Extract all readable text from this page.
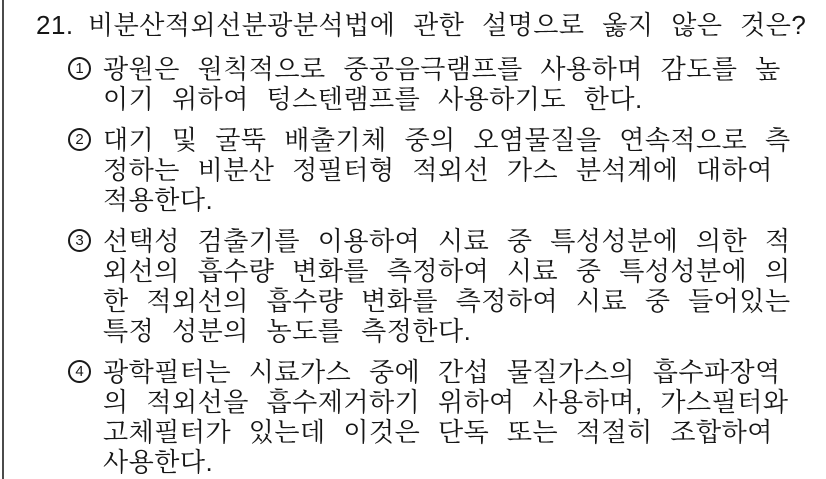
21. 비분산적외선분광분석법에 관한 설명으로 옳지 않은 것은?
1 광원은 원칙적으로 중공음극램프를 사용하며 감도를 높
이기 위하여 텅스텐램프를 사용하기도 한다.
2 대기 및 굴뚝 배출기체 중의 오염물질을 연속적으로 측
정하는 비분산 정필터형 적외선 가스 분석계에 대하여
적용한다.
3 선택성 검출기를 이용하여 시료 중 특성성분에 의한 적
외선의 흡수량 변화를 측정하여 시료 중 특성성분에 의
한 적외선의 흡수량 변화를 측정하여 시료 중 들어있는
특정 성분의 농도를 측정한다.
4 광학필터는 시료가스 중에 간섭 물질가스의 흡수파장역
의 적외선을 흡수제거하기 위하여 사용하며, 가스필터와
고체필터가 있는데 이것은 단독 또는 적절히 조합하여
사용한다.
